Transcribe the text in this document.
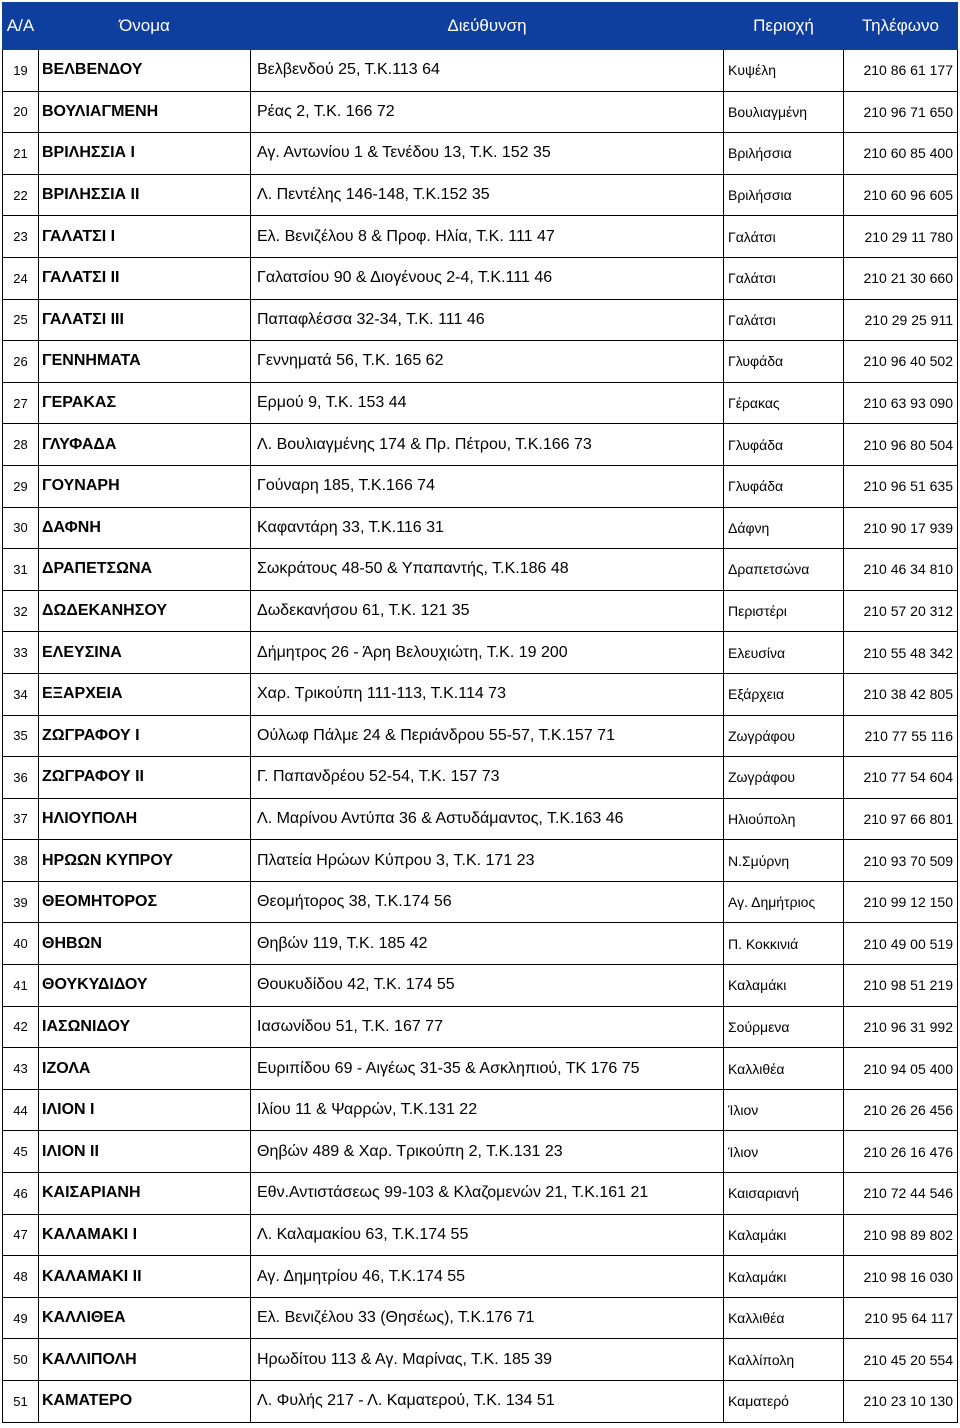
Α/Α	Όνομα	Διεύθυνση	Περιοχή	Τηλέφωνο
19	ΒΕΛΒΕΝΔΟΥ	Βελβενδού 25, Τ.Κ.113 64	Κυψέλη	210 86 61 177
20	ΒΟΥΛΙΑΓΜΕΝΗ	Ρέας 2, Τ.Κ. 166 72	Βουλιαγμένη	210 96 71 650
21	ΒΡΙΛΗΣΣΙΑ Ι	Αγ. Αντωνίου 1 & Τενέδου 13, Τ.Κ. 152 35	Βριλήσσια	210 60 85 400
22	ΒΡΙΛΗΣΣΙΑ ΙΙ	Λ. Πεντέλης 146-148, Τ.Κ.152 35	Βριλήσσια	210 60 96 605
23	ΓΑΛΑΤΣΙ Ι	Ελ. Βενιζέλου 8 & Προφ. Ηλία, Τ.Κ. 111 47	Γαλάτσι	210 29 11 780
24	ΓΑΛΑΤΣΙ ΙΙ	Γαλατσίου 90 & Διογένους 2-4, Τ.Κ.111 46	Γαλάτσι	210 21 30 660
25	ΓΑΛΑΤΣΙ ΙΙΙ	Παπαφλέσσα 32-34, Τ.Κ. 111 46	Γαλάτσι	210 29 25 911
26	ΓΕΝΝΗΜΑΤΑ	Γεννηματά 56, Τ.Κ. 165 62	Γλυφάδα	210 96 40 502
27	ΓΕΡΑΚΑΣ	Ερμού 9, Τ.Κ. 153 44	Γέρακας	210 63 93 090
28	ΓΛΥΦΑΔΑ	Λ. Βουλιαγμένης 174 & Πρ. Πέτρου, Τ.Κ.166 73	Γλυφάδα	210 96 80 504
29	ΓΟΥΝΑΡΗ	Γούναρη 185, Τ.Κ.166 74	Γλυφάδα	210 96 51 635
30	ΔΑΦΝΗ	Καφαντάρη 33, Τ.Κ.116 31	Δάφνη	210 90 17 939
31	ΔΡΑΠΕΤΣΩΝΑ	Σωκράτους 48-50 & Υπαπαντής, Τ.Κ.186 48	Δραπετσώνα	210 46 34 810
32	ΔΩΔΕΚΑΝΗΣΟΥ	Δωδεκανήσου 61, Τ.Κ. 121 35	Περιστέρι	210 57 20 312
33	ΕΛΕΥΣΙΝΑ	Δήμητρος 26 - Άρη Βελουχιώτη, Τ.Κ. 19 200	Ελευσίνα	210 55 48 342
34	ΕΞΑΡΧΕΙΑ	Χαρ. Τρικούπη 111-113, Τ.Κ.114 73	Εξάρχεια	210 38 42 805
35	ΖΩΓΡΑΦΟΥ Ι	Ούλωφ Πάλμε 24 & Περιάνδρου 55-57, Τ.Κ.157 71	Ζωγράφου	210 77 55 116
36	ΖΩΓΡΑΦΟΥ ΙΙ	Γ. Παπανδρέου 52-54, Τ.Κ. 157 73	Ζωγράφου	210 77 54 604
37	ΗΛΙΟΥΠΟΛΗ	Λ. Μαρίνου Αντύπα 36 & Αστυδάμαντος, Τ.Κ.163 46	Ηλιούπολη	210 97 66 801
38	ΗΡΩΩΝ ΚΥΠΡΟΥ	Πλατεία Ηρώων Κύπρου 3, Τ.Κ. 171 23	Ν.Σμύρνη	210 93 70 509
39	ΘΕΟΜΗΤΟΡΟΣ	Θεομήτορος 38, Τ.Κ.174 56	Αγ. Δημήτριος	210 99 12 150
40	ΘΗΒΩΝ	Θηβών 119, Τ.Κ. 185 42	Π. Κοκκινιά	210 49 00 519
41	ΘΟΥΚΥΔΙΔΟΥ	Θουκυδίδου 42, Τ.Κ. 174 55	Καλαμάκι	210 98 51 219
42	ΙΑΣΩΝΙΔΟΥ	Ιασωνίδου 51, Τ.Κ. 167 77	Σούρμενα	210 96 31 992
43	ΙΖΟΛΑ	Ευριπίδου 69 - Αιγέως 31-35 & Ασκληπιού, ΤΚ 176 75	Καλλιθέα	210 94 05 400
44	ΙΛΙΟΝ Ι	Ιλίου 11 & Ψαρρών, Τ.Κ.131 22	Ίλιον	210 26 26 456
45	ΙΛΙΟΝ ΙΙ	Θηβών 489 & Χαρ. Τρικούπη 2, Τ.Κ.131 23	Ίλιον	210 26 16 476
46	ΚΑΙΣΑΡΙΑΝΗ	Εθν.Αντιστάσεως 99-103 & Κλαζομενών 21, Τ.Κ.161 21	Καισαριανή	210 72 44 546
47	ΚΑΛΑΜΑΚΙ Ι	Λ. Καλαμακίου 63, Τ.Κ.174 55	Καλαμάκι	210 98 89 802
48	ΚΑΛΑΜΑΚΙ ΙΙ	Αγ. Δημητρίου 46, Τ.Κ.174 55	Καλαμάκι	210 98 16 030
49	ΚΑΛΛΙΘΕΑ	Ελ. Βενιζέλου 33 (Θησέως), Τ.Κ.176 71	Καλλιθέα	210 95 64 117
50	ΚΑΛΛΙΠΟΛΗ	Ηρωδίτου 113 & Αγ. Μαρίνας, Τ.Κ. 185 39	Καλλίπολη	210 45 20 554
51	ΚΑΜΑΤΕΡΟ	Λ. Φυλής 217 - Λ. Καματερού, Τ.Κ. 134 51	Καματερό	210 23 10 130
